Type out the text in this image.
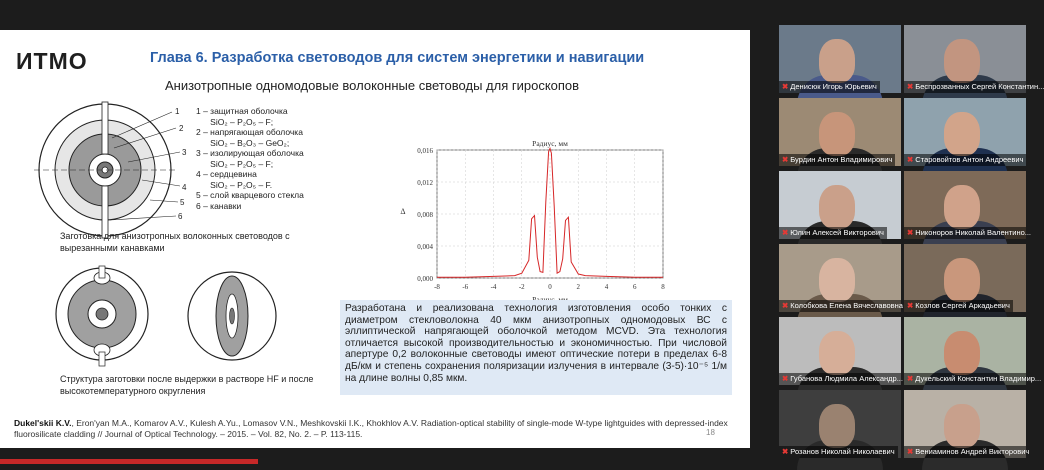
ИТМО	Глава 6. Разработка световодов для систем энергетики и навигации
Анизотропные одномодовые волоконные световоды для гироскопов
1
2
3
4
5
6
1 – защитная оболочка
SiO₂ – P₂O₅ – F;
2 – напрягающая оболочка
SiO₂ – B₂O₃ – GeO₂;
3 – изолирующая оболочка
SiO₂ – P₂O₅ – F;
4 – сердцевина
SiO₂ – P₂O₅ – F.
5 – слой кварцевого стекла
6 – канавки
Заготовка для анизотропных волоконных световодов с вырезанными канавками
Структура заготовки после выдержки в растворе HF и после высокотемпературного округления
0,000
0,004
0,008
0,012
0,016
-8	-6	-4	-2	0	2	4	6	8
Δ
Радиус, мм
Разработана и реализована технология изготовления особо тонких с диаметром стекловолокна 40 мкм анизотропных одномодовых ВС с эллиптической напрягающей оболочкой методом MCVD. Эта технология отличается высокой производительностью и экономичностью. При числовой апертуре 0,2 волоконные световоды имеют оптические потери в пределах 6-8 дБ/км и степень сохранения поляризации излучения в интервале (3-5)·10⁻⁵ 1/м на длине волны 0,85 мкм.
Dukel'skii K.V., Eron'yan M.A., Komarov A.V., Kulesh A.Yu., Lomasov V.N., Meshkovskii I.K., Khokhlov A.V. Radiation-optical stability of single-mode W-type lightguides with depressed-index fluorosilicate cladding // Journal of Optical Technology. – 2015. – Vol. 82, No. 2. – P. 113-115.	18
✖ Денисюк Игорь Юрьевич	✖ Беспрозванных Сергей Константин...
✖ Бурдин Антон Владимирович	✖ Старовойтов Антон Андреевич
✖ Юлин Алексей Викторович	✖ Никоноров Николай Валентино...
✖ Колобкова Елена Вячеславовна ✖ Козлов Сергей Аркадьевич
✖ Губанова Людмила Александр... ✖ Дукельский Константин Владимир...
✖ Розанов Николай Николаевич	✖ Вениаминов Андрей Викторович
